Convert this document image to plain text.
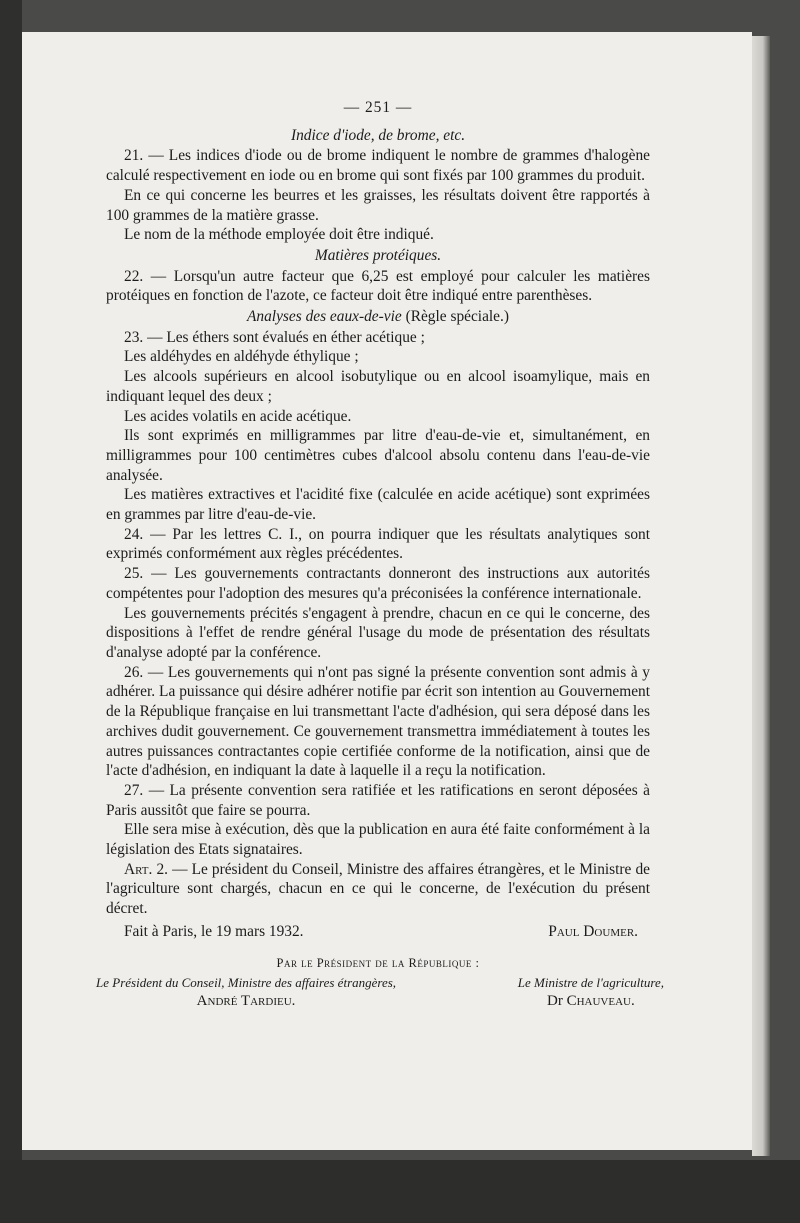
— 251 —
Indice d'iode, de brome, etc.

21. — Les indices d'iode ou de brome indiquent le nombre de grammes d'halogène calculé respectivement en iode ou en brome qui sont fixés par 100 grammes du produit.

En ce qui concerne les beurres et les graisses, les résultats doivent être rapportés à 100 grammes de la matière grasse.

Le nom de la méthode employée doit être indiqué.

Matières protéiques.

22. — Lorsqu'un autre facteur que 6,25 est employé pour calculer les matières protéiques en fonction de l'azote, ce facteur doit être indiqué entre parenthèses.

Analyses des eaux-de-vie (Règle spéciale.)

23. — Les éthers sont évalués en éther acétique ;

Les aldéhydes en aldéhyde éthylique ;

Les alcools supérieurs en alcool isobutylique ou en alcool isoamylique, mais en indiquant lequel des deux ;

Les acides volatils en acide acétique.

Ils sont exprimés en milligrammes par litre d'eau-de-vie et, simultanément, en milligrammes pour 100 centimètres cubes d'alcool absolu contenu dans l'eau-de-vie analysée.

Les matières extractives et l'acidité fixe (calculée en acide acétique) sont exprimées en grammes par litre d'eau-de-vie.

24. — Par les lettres C. I., on pourra indiquer que les résultats analytiques sont exprimés conformément aux règles précédentes.

25. — Les gouvernements contractants donneront des instructions aux autorités compétentes pour l'adoption des mesures qu'a préconisées la conférence internationale.

Les gouvernements précités s'engagent à prendre, chacun en ce qui le concerne, des dispositions à l'effet de rendre général l'usage du mode de présentation des résultats d'analyse adopté par la conférence.

26. — Les gouvernements qui n'ont pas signé la présente convention sont admis à y adhérer. La puissance qui désire adhérer notifie par écrit son intention au Gouvernement de la République française en lui transmettant l'acte d'adhésion, qui sera déposé dans les archives dudit gouvernement. Ce gouvernement transmettra immédiatement à toutes les autres puissances contractantes copie certifiée conforme de la notification, ainsi que de l'acte d'adhésion, en indiquant la date à laquelle il a reçu la notification.

27. — La présente convention sera ratifiée et les ratifications en seront déposées à Paris aussitôt que faire se pourra.

Elle sera mise à exécution, dès que la publication en aura été faite conformément à la législation des Etats signataires.

Art. 2. — Le président du Conseil, Ministre des affaires étrangères, et le Ministre de l'agriculture sont chargés, chacun en ce qui le concerne, de l'exécution du présent décret.

Fait à Paris, le 19 mars 1932.	Paul Doumer.
Par le Président de la République :
Le Président du Conseil, Ministre des affaires étrangères,
André Tardieu.
Le Ministre de l'agriculture,
Dr Chauveau.
